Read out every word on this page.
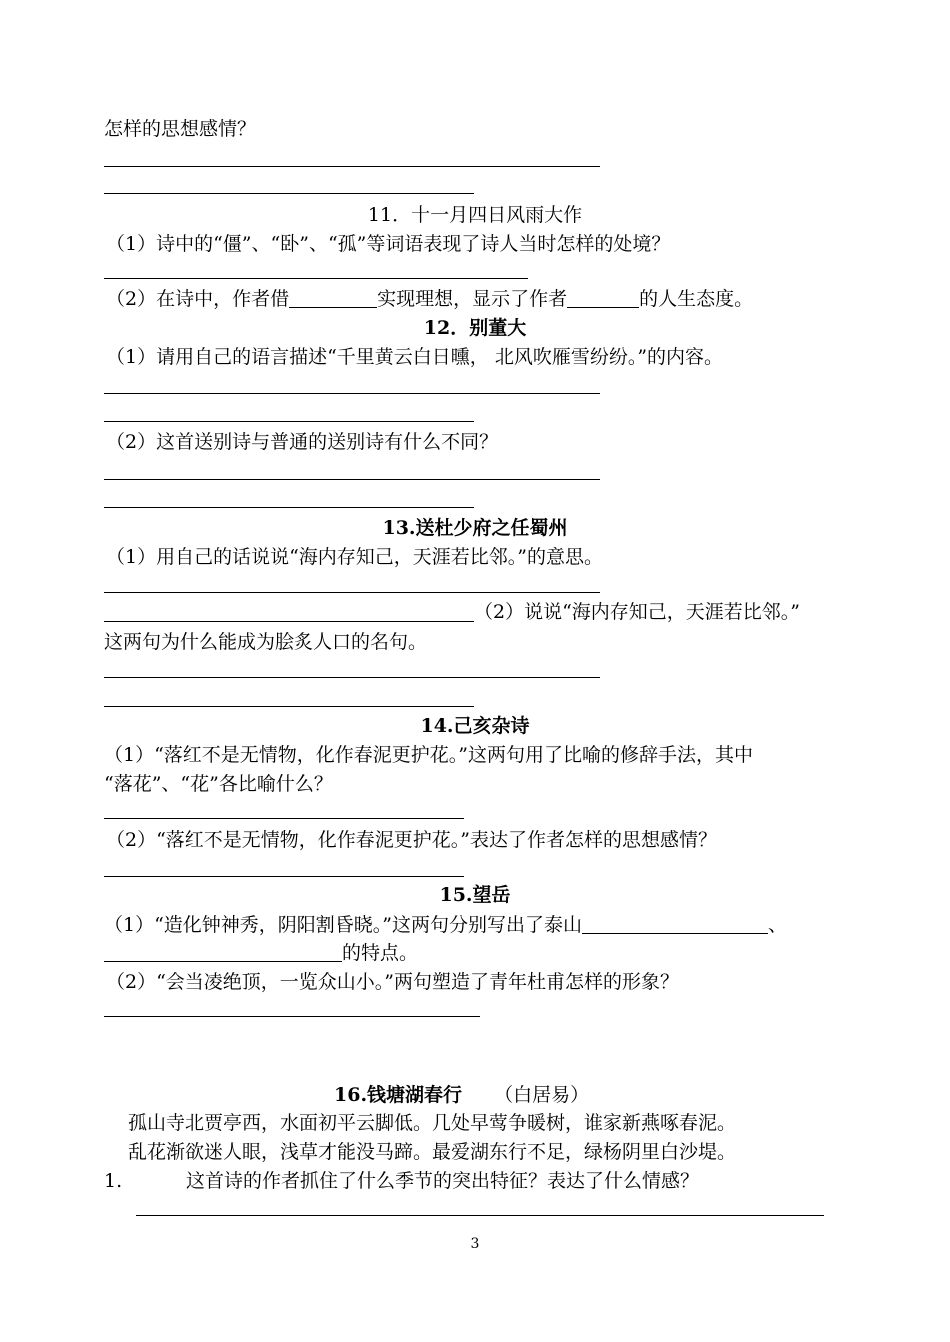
怎样的思想感情？
11．十一月四日风雨大作
（1）诗中的“僵”、“卧”、“孤”等词语表现了诗人当时怎样的处境？
（2）在诗中，作者借	实现理想，显示了作者	的人生态度。
12．别董大
（1）请用自己的语言描述“千里黄云白日曛， 北风吹雁雪纷纷。”的内容。
（2）这首送别诗与普通的送别诗有什么不同？
13.送杜少府之任蜀州
（1）用自己的话说说“海内存知己，天涯若比邻。”的意思。
（2）说说“海内存知己，天涯若比邻。”
这两句为什么能成为脍炙人口的名句。
14.己亥杂诗
（1）“落红不是无情物，化作春泥更护花。”这两句用了比喻的修辞手法，其中
“落花”、“花”各比喻什么？
（2）“落红不是无情物，化作春泥更护花。”表达了作者怎样的思想感情？
15.望岳
（1）“造化钟神秀，阴阳割昏晓。”这两句分别写出了泰山	、
的特点。
（2）“会当凌绝顶，一览众山小。”两句塑造了青年杜甫怎样的形象？
16.钱塘湖春行 （白居易）
孤山寺北贾亭西，水面初平云脚低。几处早莺争暖树，谁家新燕啄春泥。
乱花渐欲迷人眼，浅草才能没马蹄。最爱湖东行不足，绿杨阴里白沙堤。
1.	这首诗的作者抓住了什么季节的突出特征？表达了什么情感？
3
